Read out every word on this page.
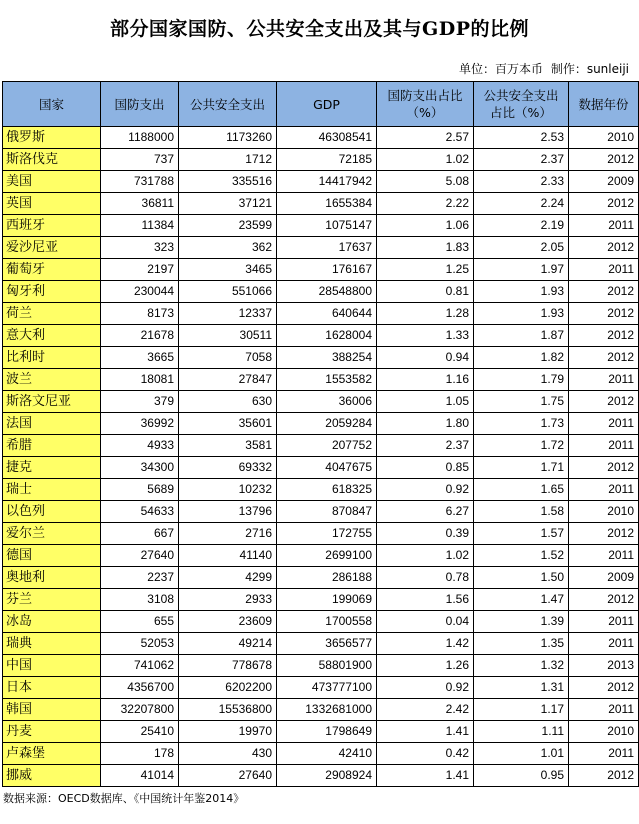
部分国家国防、公共安全支出及其与GDP的比例
单位：百万本币 制作：sunleiji
国家	国防支出	公共安全支出	GDP	国防支出占比（%）	公共安全支出占比（%）	数据年份
俄罗斯	1188000	1173260	46308541	2.57	2.53	2010
斯洛伐克	737	1712	72185	1.02	2.37	2012
美国	731788	335516	14417942	5.08	2.33	2009
英国	36811	37121	1655384	2.22	2.24	2012
西班牙	11384	23599	1075147	1.06	2.19	2011
爱沙尼亚	323	362	17637	1.83	2.05	2012
葡萄牙	2197	3465	176167	1.25	1.97	2011
匈牙利	230044	551066	28548800	0.81	1.93	2012
荷兰	8173	12337	640644	1.28	1.93	2012
意大利	21678	30511	1628004	1.33	1.87	2012
比利时	3665	7058	388254	0.94	1.82	2012
波兰	18081	27847	1553582	1.16	1.79	2011
斯洛文尼亚	379	630	36006	1.05	1.75	2012
法国	36992	35601	2059284	1.80	1.73	2011
希腊	4933	3581	207752	2.37	1.72	2011
捷克	34300	69332	4047675	0.85	1.71	2012
瑞士	5689	10232	618325	0.92	1.65	2011
以色列	54633	13796	870847	6.27	1.58	2010
爱尔兰	667	2716	172755	0.39	1.57	2012
德国	27640	41140	2699100	1.02	1.52	2011
奥地利	2237	4299	286188	0.78	1.50	2009
芬兰	3108	2933	199069	1.56	1.47	2012
冰岛	655	23609	1700558	0.04	1.39	2011
瑞典	52053	49214	3656577	1.42	1.35	2011
中国	741062	778678	58801900	1.26	1.32	2013
日本	4356700	6202200	473777100	0.92	1.31	2012
韩国	32207800	15536800	1332681000	2.42	1.17	2011
丹麦	25410	19970	1798649	1.41	1.11	2010
卢森堡	178	430	42410	0.42	1.01	2011
挪威	41014	27640	2908924	1.41	0.95	2012
数据来源：OECD数据库、《中国统计年鉴2014》
